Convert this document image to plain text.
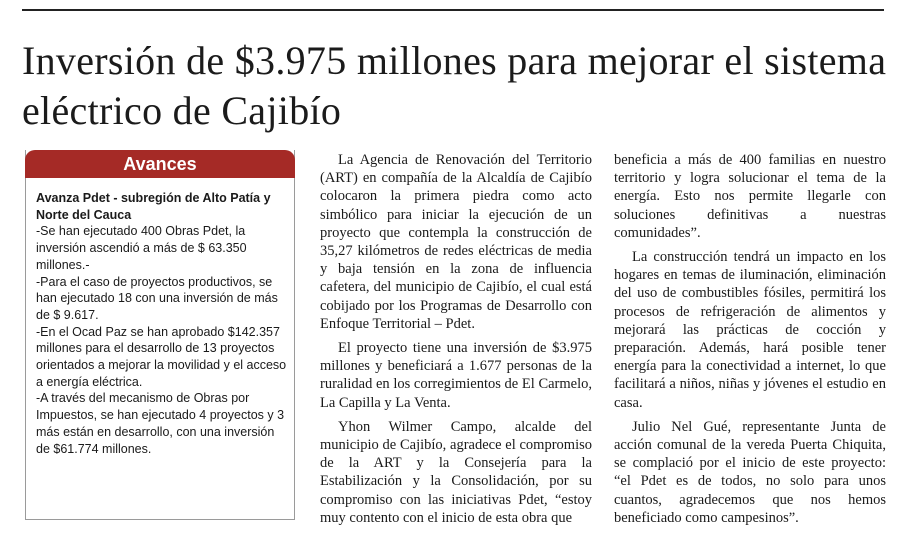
Inversión de $3.975 millones para mejorar el sistema eléctrico de Cajibío
Avances

Avanza Pdet - subregión de Alto Patía y Norte del Cauca

-Se han ejecutado 400 Obras Pdet, la inversión ascendió a más de $ 63.350 millones.-

-Para el caso de proyectos productivos, se han ejecutado 18 con una inversión de más de $ 9.617.

-En el Ocad Paz se han aprobado $142.357 millones para el desarrollo de 13 proyectos orientados a mejorar la movilidad y el acceso a energía eléctrica.

-A través del mecanismo de Obras por Impuestos, se han ejecutado 4 proyectos y 3 más están en desarrollo, con una inversión de $61.774 millones.

La Agencia de Renovación del Territorio (ART) en compañía de la Alcaldía de Cajibío colocaron la primera piedra como acto simbólico para iniciar la ejecución de un proyecto que contempla la construcción de 35,27 kilómetros de redes eléctricas de media y baja tensión en la zona de influencia cafetera, del municipio de Cajibío, el cual está cobijado por los Programas de Desarrollo con Enfoque Territorial – Pdet.

El proyecto tiene una inversión de $3.975 millones y beneficiará a 1.677 personas de la ruralidad en los corregimientos de El Carmelo, La Capilla y La Venta.

Yhon Wilmer Campo, alcalde del municipio de Cajibío, agradece el compromiso de la ART y la Consejería para la Estabilización y la Consolidación, por su compromiso con las iniciativas Pdet, “estoy muy contento con el inicio de esta obra que

beneficia a más de 400 familias en nuestro territorio y logra solucionar el tema de la energía. Esto nos permite llegarle con soluciones definitivas a nuestras comunidades”.

La construcción tendrá un impacto en los hogares en temas de iluminación, eliminación del uso de combustibles fósiles, permitirá los procesos de refrigeración de alimentos y mejorará las prácticas de cocción y preparación. Además, hará posible tener energía para la conectividad a internet, lo que facilitará a niños, niñas y jóvenes el estudio en casa.

Julio Nel Gué, representante Junta de acción comunal de la vereda Puerta Chiquita, se complació por el inicio de este proyecto: “el Pdet es de todos, no solo para unos cuantos, agradecemos que nos hemos beneficiado como campesinos”.
